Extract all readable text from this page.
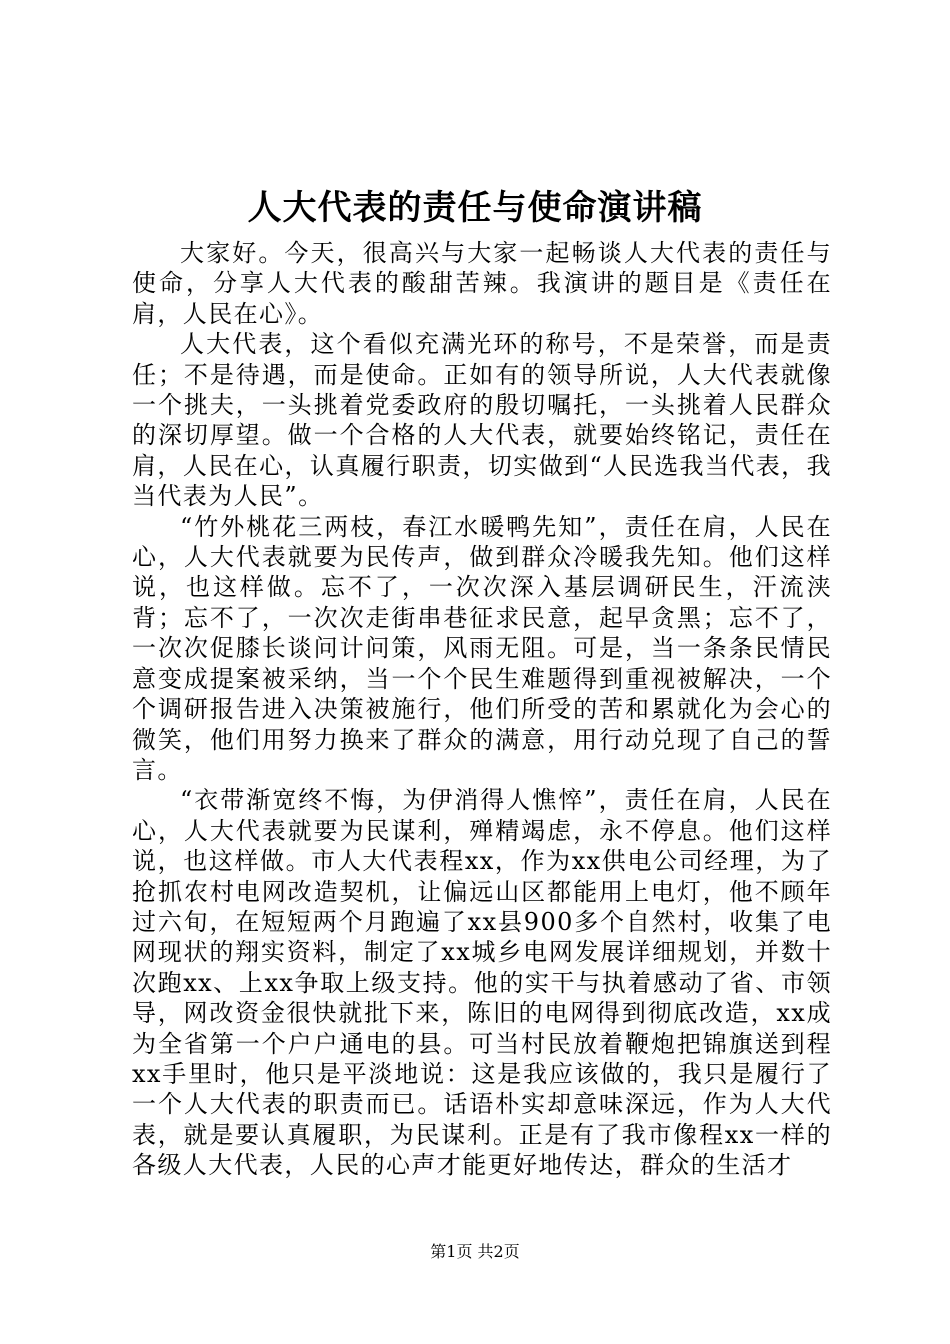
人大代表的责任与使命演讲稿

大家好。今天，很高兴与大家一起畅谈人大代表的责任与使命，分享人大代表的酸甜苦辣。我演讲的题目是《责任在肩，人民在心》。

人大代表，这个看似充满光环的称号，不是荣誉，而是责任；不是待遇，而是使命。正如有的领导所说，人大代表就像一个挑夫，一头挑着党委政府的殷切嘱托，一头挑着人民群众的深切厚望。做一个合格的人大代表，就要始终铭记，责任在肩，人民在心，认真履行职责，切实做到“人民选我当代表，我当代表为人民”。

“竹外桃花三两枝，春江水暖鸭先知”，责任在肩，人民在心，人大代表就要为民传声，做到群众冷暖我先知。他们这样说，也这样做。忘不了，一次次深入基层调研民生，汗流浃背；忘不了，一次次走街串巷征求民意，起早贪黑；忘不了，一次次促膝长谈问计问策，风雨无阻。可是，当一条条民情民意变成提案被采纳，当一个个民生难题得到重视被解决，一个个调研报告进入决策被施行，他们所受的苦和累就化为会心的微笑，他们用努力换来了群众的满意，用行动兑现了自己的誓言。

“衣带渐宽终不悔，为伊消得人憔悴”，责任在肩，人民在心，人大代表就要为民谋利，殚精竭虑，永不停息。他们这样说，也这样做。市人大代表程xx，作为xx供电公司经理，为了抢抓农村电网改造契机，让偏远山区都能用上电灯，他不顾年过六旬，在短短两个月跑遍了xx县900多个自然村，收集了电网现状的翔实资料，制定了xx城乡电网发展详细规划，并数十次跑xx、上xx争取上级支持。他的实干与执着感动了省、市领导，网改资金很快就批下来，陈旧的电网得到彻底改造，xx成为全省第一个户户通电的县。可当村民放着鞭炮把锦旗送到程xx手里时，他只是平淡地说：这是我应该做的，我只是履行了一个人大代表的职责而已。话语朴实却意味深远，作为人大代表，就是要认真履职，为民谋利。正是有了我市像程xx一样的各级人大代表，人民的心声才能更好地传达，群众的生活才

第1页 共2页
